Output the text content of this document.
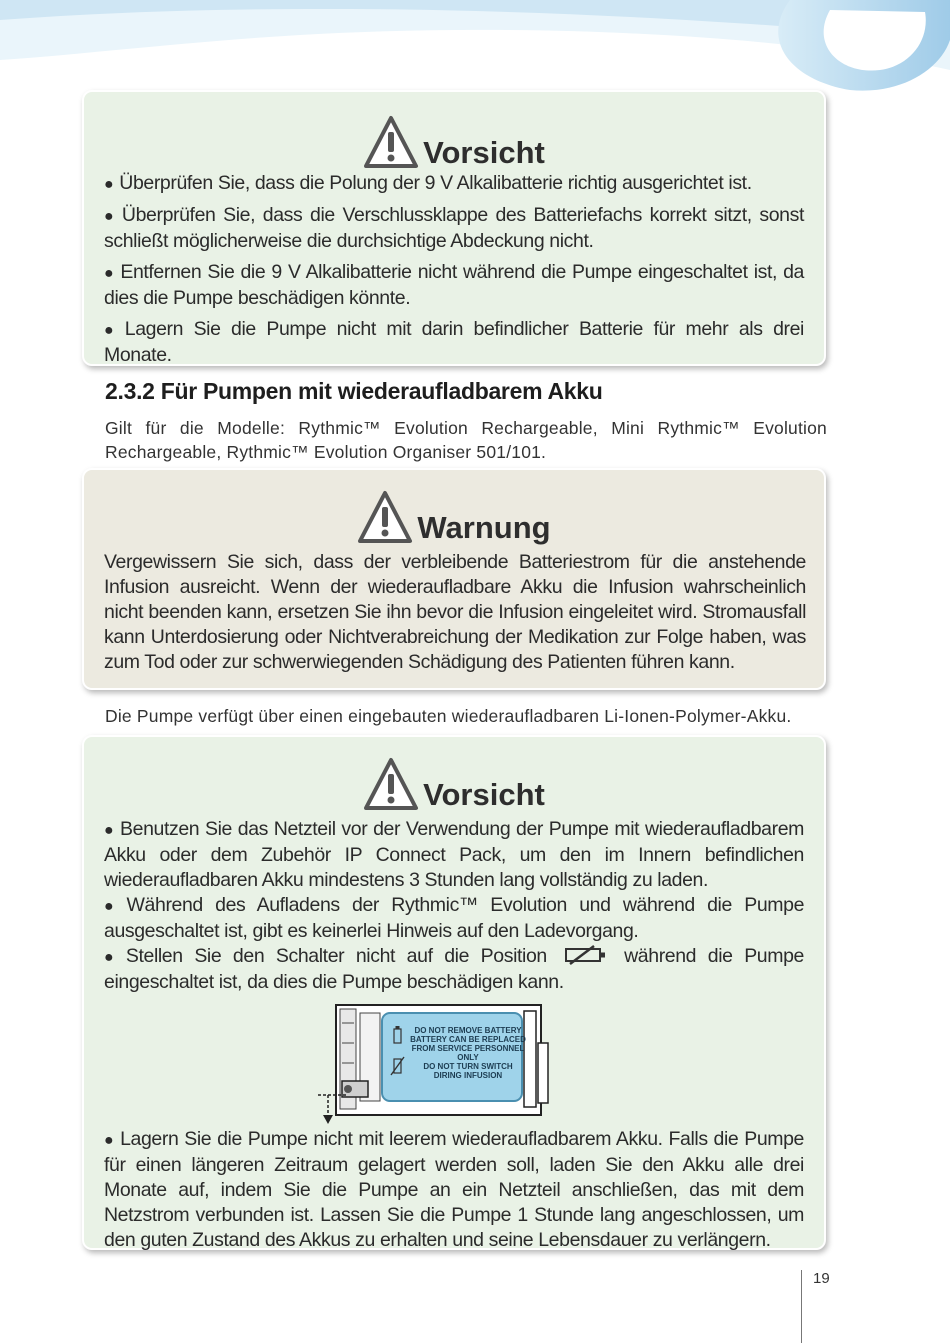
Vorsicht

● Überprüfen Sie, dass die Polung der 9 V Alkalibatterie richtig ausgerichtet ist.

● Überprüfen Sie, dass die Verschlussklappe des Batteriefachs korrekt sitzt, sonst schließt möglicherweise die durchsichtige Abdeckung nicht.

● Entfernen Sie die 9 V Alkalibatterie nicht während die Pumpe eingeschaltet ist, da dies die Pumpe beschädigen könnte.

● Lagern Sie die Pumpe nicht mit darin befindlicher Batterie für mehr als drei Monate.

2.3.2 Für Pumpen mit wiederaufladbarem Akku
Gilt für die Modelle: Rythmic™ Evolution Rechargeable, Mini Rythmic™ Evolution Rechargeable, Rythmic™ Evolution Organiser 501/101.
Warnung

Vergewissern Sie sich, dass der verbleibende Batteriestrom für die anstehende Infusion ausreicht. Wenn der wiederaufladbare Akku die Infusion wahrscheinlich nicht beenden kann, ersetzen Sie ihn bevor die Infusion eingeleitet wird. Stromausfall kann Unterdosierung oder Nichtverabreichung der Medikation zur Folge haben, was zum Tod oder zur schwerwiegenden Schädigung des Patienten führen kann.

Die Pumpe verfügt über einen eingebauten wiederaufladbaren Li-Ionen-Polymer-Akku.
Vorsicht

● Benutzen Sie das Netzteil vor der Verwendung der Pumpe mit wiederaufladbarem Akku oder dem Zubehör IP Connect Pack, um den im Innern befindlichen wiederaufladbaren Akku mindestens 3 Stunden lang vollständig zu laden.

● Während des Aufladens der Rythmic™ Evolution und während die Pumpe ausgeschaltet ist, gibt es keinerlei Hinweis auf den Ladevorgang.

● Stellen Sie den Schalter nicht auf die Position	während die Pumpe eingeschaltet ist, da dies die Pumpe beschädigen kann.

DO NOT REMOVE BATTERY
BATTERY CAN BE REPLACED
FROM SERVICE PERSONNEL
ONLY
DO NOT TURN SWITCH
DIRING INFUSION

● Lagern Sie die Pumpe nicht mit leerem wiederaufladbarem Akku. Falls die Pumpe für einen längeren Zeitraum gelagert werden soll, laden Sie den Akku alle drei Monate auf, indem Sie die Pumpe an ein Netzteil anschließen, das mit dem Netzstrom verbunden ist. Lassen Sie die Pumpe 1 Stunde lang angeschlossen, um den guten Zustand des Akkus zu erhalten und seine Lebensdauer zu verlängern.

19
